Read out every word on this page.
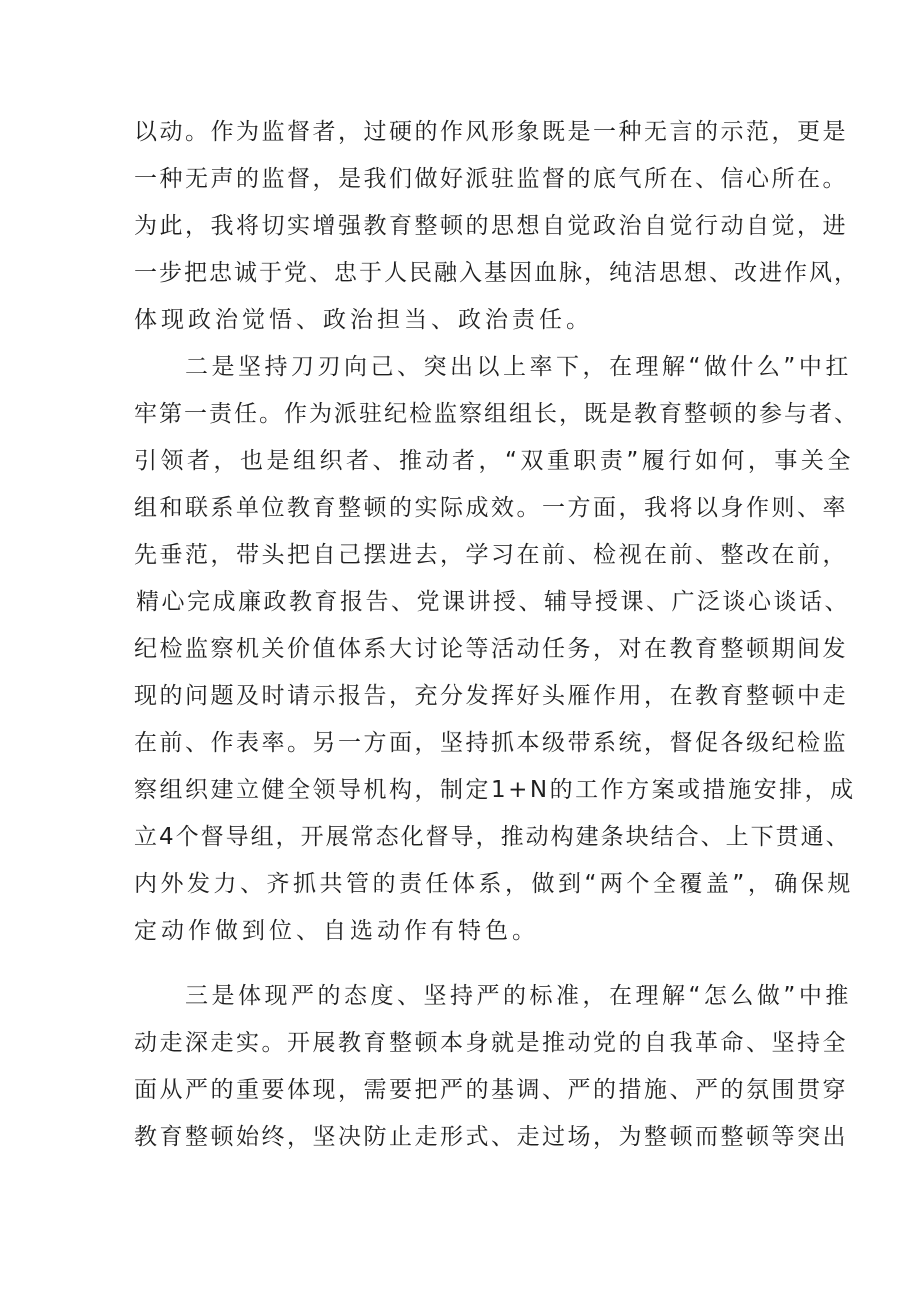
以动。作为监督者，过硬的作风形象既是一种无言的示范，更是
一种无声的监督，是我们做好派驻监督的底气所在、信心所在。
为此，我将切实增强教育整顿的思想自觉政治自觉行动自觉，进
一步把忠诚于党、忠于人民融入基因血脉，纯洁思想、改进作风，
体现政治觉悟、政治担当、政治责任。
二是坚持刀刃向己、突出以上率下，在理解“做什么”中扛
牢第一责任。作为派驻纪检监察组组长，既是教育整顿的参与者、
引领者，也是组织者、推动者，“双重职责”履行如何，事关全
组和联系单位教育整顿的实际成效。一方面，我将以身作则、率
先垂范，带头把自己摆进去，学习在前、检视在前、整改在前，
精心完成廉政教育报告、党课讲授、辅导授课、广泛谈心谈话、
纪检监察机关价值体系大讨论等活动任务，对在教育整顿期间发
现的问题及时请示报告，充分发挥好头雁作用，在教育整顿中走
在前、作表率。另一方面，坚持抓本级带系统，督促各级纪检监
察组织建立健全领导机构，制定1+N的工作方案或措施安排，成
立4个督导组，开展常态化督导，推动构建条块结合、上下贯通、
内外发力、齐抓共管的责任体系，做到“两个全覆盖”，确保规
定动作做到位、自选动作有特色。
三是体现严的态度、坚持严的标准，在理解“怎么做”中推
动走深走实。开展教育整顿本身就是推动党的自我革命、坚持全
面从严的重要体现，需要把严的基调、严的措施、严的氛围贯穿
教育整顿始终，坚决防止走形式、走过场，为整顿而整顿等突出
